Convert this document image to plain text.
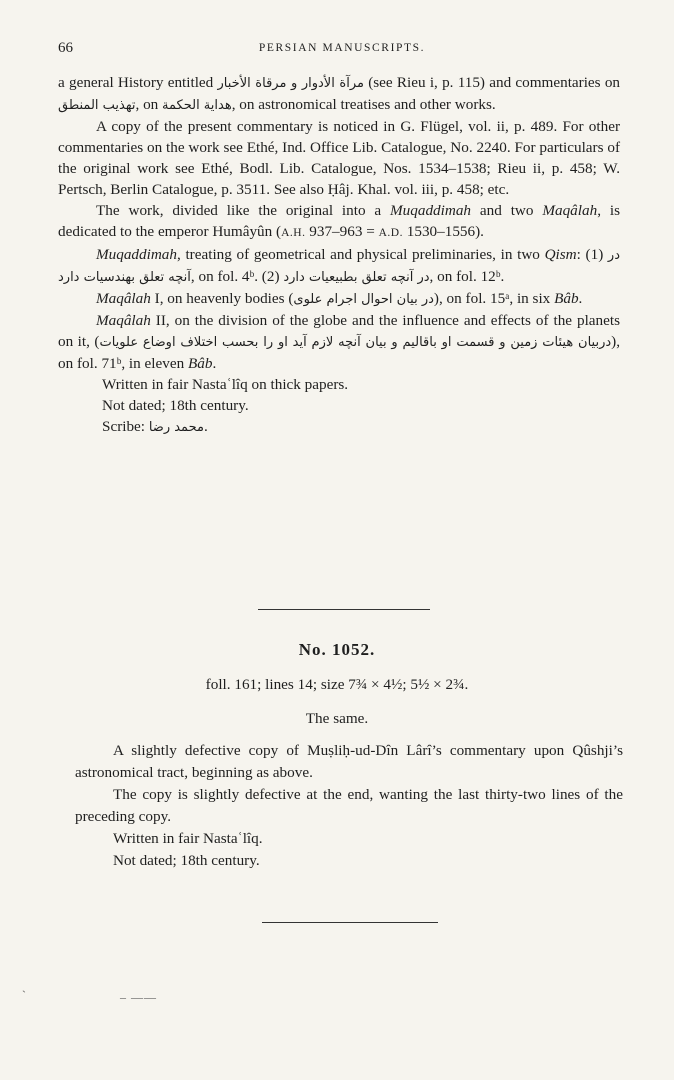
66	PERSIAN MANUSCRIPTS.

a general History entitled مرآة الأدوار و مرقاة الأخبار (see Rieu i, p. 115) and commentaries on تهذيب المنطق, on هداية الحكمة, on astronomical treatises and other works.

A copy of the present commentary is noticed in G. Flügel, vol. ii, p. 489. For other commentaries on the work see Ethé, Ind. Office Lib. Catalogue, No. 2240. For particulars of the original work see Ethé, Bodl. Lib. Catalogue, Nos. 1534–1538; Rieu ii, p. 458; W. Pertsch, Berlin Catalogue, p. 3511. See also Ḥâj. Khal. vol. iii, p. 458; etc.

The work, divided like the original into a Muqaddimah and two Maqâlah, is dedicated to the emperor Humâyûn (A.H. 937–963 = A.D. 1530–1556).

Muqaddimah, treating of geometrical and physical preliminaries, in two Qism: (1) در آنچه تعلق بهندسيات دارد, on fol. 4ᵇ. (2) در آنچه تعلق بطبيعيات دارد, on fol. 12ᵇ.

Maqâlah I, on heavenly bodies (در بيان احوال اجرام علوى), on fol. 15ᵃ, in six Bâb.

Maqâlah II, on the division of the globe and the influence and effects of the planets on it, (دربيان هيئات زمين و قسمت او باقاليم و بيان آنچه لازم آيد او را بحسب اختلاف اوضاع علويات), on fol. 71ᵇ, in eleven Bâb.

Written in fair Nastaʿlîq on thick papers.

Not dated; 18th century.

Scribe: محمد رضا.

No. 1052.
foll. 161; lines 14; size 7¾ × 4½; 5½ × 2¾.
The same.

A slightly defective copy of Muṣliḥ-ud-Dîn Lârî’s commentary upon Qûshji’s astronomical tract, beginning as above.

The copy is slightly defective at the end, wanting the last thirty-two lines of the preceding copy.

Written in fair Nastaʿlîq.

Not dated; 18th century.

`	– ——
